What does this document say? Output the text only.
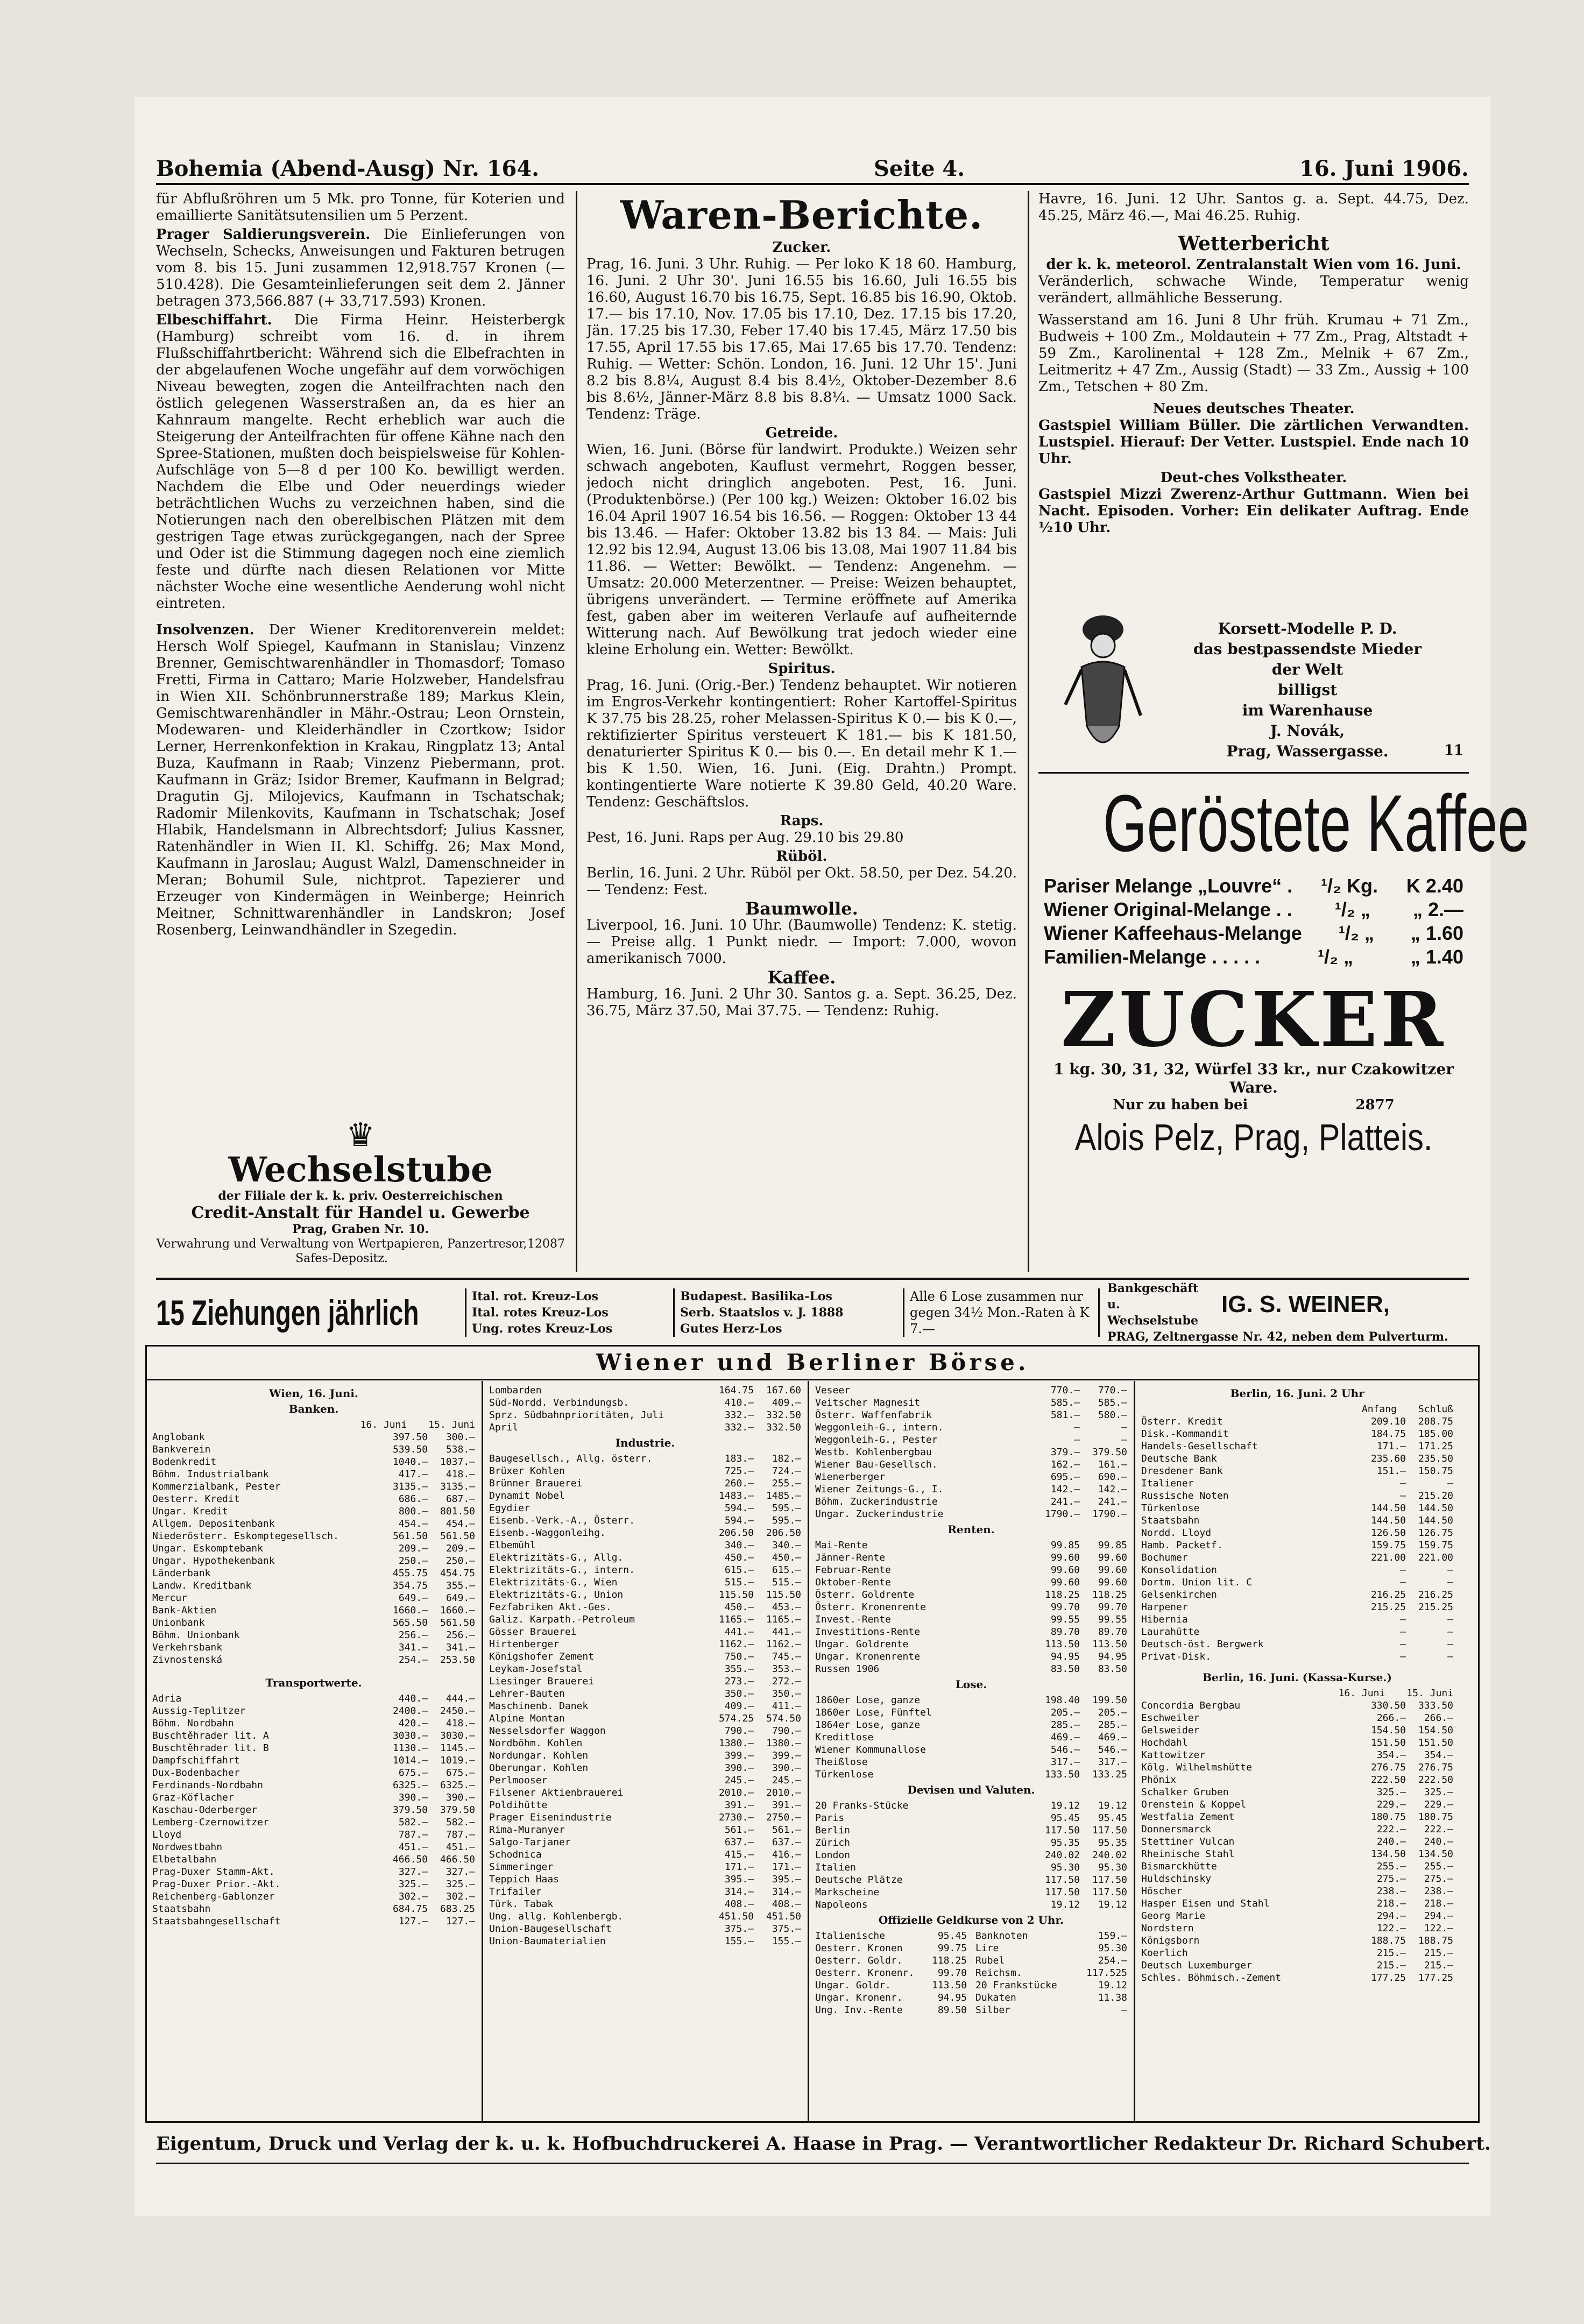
Bohemia (Abend-Ausg) Nr. 164.	Seite 4.	16. Juni 1906.

für Abflußröhren um 5 Mk. pro Tonne, für Koterien und emaillierte Sanitätsutensilien um 5 Perzent.

Prager Saldierungsverein. Die Einlieferungen von Wechseln, Schecks, Anweisungen und Fakturen betrugen vom 8. bis 15. Juni zusammen 12,918.757 Kronen (— 510.428). Die Gesamteinlieferungen seit dem 2. Jänner betragen 373,566.887 (+ 33,717.593) Kronen.

Elbeschiffahrt. Die Firma Heinr. Heisterbergk (Hamburg) schreibt vom 16. d. in ihrem Flußschiffahrtbericht: Während sich die Elbefrachten in der abgelaufenen Woche ungefähr auf dem vorwöchigen Niveau bewegten, zogen die Anteilfrachten nach den östlich gelegenen Wasserstraßen an, da es hier an Kahnraum mangelte. Recht erheblich war auch die Steigerung der Anteilfrachten für offene Kähne nach den Spree-Stationen, mußten doch beispielsweise für Kohlen-Aufschläge von 5—8 d per 100 Ko. bewilligt werden. Nachdem die Elbe und Oder neuerdings wieder beträchtlichen Wuchs zu verzeichnen haben, sind die Notierungen nach den oberelbischen Plätzen mit dem gestrigen Tage etwas zurückgegangen, nach der Spree und Oder ist die Stimmung dagegen noch eine ziemlich feste und dürfte nach diesen Relationen vor Mitte nächster Woche eine wesentliche Aenderung wohl nicht eintreten.

Insolvenzen. Der Wiener Kreditorenverein meldet: Hersch Wolf Spiegel, Kaufmann in Stanislau; Vinzenz Brenner, Gemischtwarenhändler in Thomasdorf; Tomaso Fretti, Firma in Cattaro; Marie Holzweber, Handelsfrau in Wien XII. Schönbrunnerstraße 189; Markus Klein, Gemischtwarenhändler in Mähr.-Ostrau; Leon Ornstein, Modewaren- und Kleiderhändler in Czortkow; Isidor Lerner, Herrenkonfektion in Krakau, Ringplatz 13; Antal Buza, Kaufmann in Raab; Vinzenz Piebermann, prot. Kaufmann in Gräz; Isidor Bremer, Kaufmann in Belgrad; Dragutin Gj. Milojevics, Kaufmann in Tschatschak; Radomir Milenkovits, Kaufmann in Tschatschak; Josef Hlabik, Handelsmann in Albrechtsdorf; Julius Kassner, Ratenhändler in Wien II. Kl. Schiffg. 26; Max Mond, Kaufmann in Jaroslau; August Walzl, Damenschneider in Meran; Bohumil Sule, nichtprot. Tapezierer und Erzeuger von Kindermägen in Weinberge; Heinrich Meitner, Schnittwarenhändler in Landskron; Josef Rosenberg, Leinwandhändler in Szegedin.

♛
Wechselstube
der Filiale der k. k. priv. Oesterreichischen
Credit-Anstalt für Handel u. Gewerbe
Prag, Graben Nr. 10.
Verwahrung und Verwaltung von Wertpapieren, Panzertresor, Safes-Depositz.
12087
Waren-Berichte.
Zucker.

Prag, 16. Juni. 3 Uhr. Ruhig. — Per loko K 18 60. Hamburg, 16. Juni. 2 Uhr 30'. Juni 16.55 bis 16.60, Juli 16.55 bis 16.60, August 16.70 bis 16.75, Sept. 16.85 bis 16.90, Oktob. 17.— bis 17.10, Nov. 17.05 bis 17.10, Dez. 17.15 bis 17.20, Jän. 17.25 bis 17.30, Feber 17.40 bis 17.45, März 17.50 bis 17.55, April 17.55 bis 17.65, Mai 17.65 bis 17.70. Tendenz: Ruhig. — Wetter: Schön. London, 16. Juni. 12 Uhr 15'. Juni 8.2 bis 8.8¼, August 8.4 bis 8.4½, Oktober-Dezember 8.6 bis 8.6½, Jänner-März 8.8 bis 8.8¼. — Umsatz 1000 Sack. Tendenz: Träge.

Getreide.

Wien, 16. Juni. (Börse für landwirt. Produkte.) Weizen sehr schwach angeboten, Kauflust vermehrt, Roggen besser, jedoch nicht dringlich angeboten. Pest, 16. Juni. (Produktenbörse.) (Per 100 kg.) Weizen: Oktober 16.02 bis 16.04 April 1907 16.54 bis 16.56. — Roggen: Oktober 13 44 bis 13.46. — Hafer: Oktober 13.82 bis 13 84. — Mais: Juli 12.92 bis 12.94, August 13.06 bis 13.08, Mai 1907 11.84 bis 11.86. — Wetter: Bewölkt. — Tendenz: Angenehm. — Umsatz: 20.000 Meterzentner. — Preise: Weizen behauptet, übrigens unverändert. — Termine eröffnete auf Amerika fest, gaben aber im weiteren Verlaufe auf aufheiternde Witterung nach. Auf Bewölkung trat jedoch wieder eine kleine Erholung ein. Wetter: Bewölkt.

Spiritus.

Prag, 16. Juni. (Orig.-Ber.) Tendenz behauptet. Wir notieren im Engros-Verkehr kontingentiert: Roher Kartoffel-Spiritus K 37.75 bis 28.25, roher Melassen-Spiritus K 0.— bis K 0.—, rektifizierter Spiritus versteuert K 181.— bis K 181.50, denaturierter Spiritus K 0.— bis 0.—. En detail mehr K 1.— bis K 1.50. Wien, 16. Juni. (Eig. Drahtn.) Prompt. kontingentierte Ware notierte K 39.80 Geld, 40.20 Ware. Tendenz: Geschäftslos.

Raps.

Pest, 16. Juni. Raps per Aug. 29.10 bis 29.80

Rüböl.

Berlin, 16. Juni. 2 Uhr. Rüböl per Okt. 58.50, per Dez. 54.20. — Tendenz: Fest.

Baumwolle.

Liverpool, 16. Juni. 10 Uhr. (Baumwolle) Tendenz: K. stetig. — Preise allg. 1 Punkt niedr. — Import: 7.000, wovon amerikanisch 7000.

Kaffee.

Hamburg, 16. Juni. 2 Uhr 30. Santos g. a. Sept. 36.25, Dez. 36.75, März 37.50, Mai 37.75. — Tendenz: Ruhig.

Havre, 16. Juni. 12 Uhr. Santos g. a. Sept. 44.75, Dez. 45.25, März 46.—, Mai 46.25. Ruhig.

Wetterbericht
der k. k. meteorol. Zentralanstalt Wien vom 16. Juni.

Veränderlich, schwache Winde, Temperatur wenig verändert, allmähliche Besserung.

Wasserstand am 16. Juni 8 Uhr früh. Krumau + 71 Zm., Budweis + 100 Zm., Moldautein + 77 Zm., Prag, Altstadt + 59 Zm., Karolinental + 128 Zm., Melnik + 67 Zm., Leitmeritz + 47 Zm., Aussig (Stadt) — 33 Zm., Aussig + 100 Zm., Tetschen + 80 Zm.

Neues deutsches Theater.

Gastspiel William Büller. Die zärtlichen Verwandten. Lustspiel. Hierauf: Der Vetter. Lustspiel. Ende nach 10 Uhr.

Deut-ches Volkstheater.

Gastspiel Mizzi Zwerenz-Arthur Guttmann. Wien bei Nacht. Episoden. Vorher: Ein delikater Auftrag. Ende ½10 Uhr.

Korsett-Modelle P. D.
das bestpassendste Mieder
der Welt
billigst
im Warenhause
J. Novák,
Prag, Wassergasse.	11
Geröstete Kaffee
Pariser Melange „Louvre“ . ¹/₂ Kg. K 2.40
Wiener Original-Melange . . ¹/₂ „ „ 2.—
Wiener Kaffeehaus-Melange ¹/₂ „ „ 1.60
Familien-Melange . . . . .	¹/₂ „	„ 1.40
ZUCKER
1 kg. 30, 31, 32, Würfel 33 kr., nur Czakowitzer Ware.
Nur zu haben bei	2877
Alois Pelz, Prag, Platteis.
15 Ziehungen jährlich	Ital. rot. Kreuz-Los
Ital. rotes Kreuz-Los
Ung. rotes Kreuz-Los
Budapest. Basilika-Los
Serb. Staatslos v. J. 1888
Gutes Herz-Los
Alle 6 Lose zusammen nur gegen 34½ Mon.-Raten à K 7.—
Bankgeschäft u. Wechselstube
IG. S. WEINER,
PRAG, Zeltnergasse Nr. 42, neben dem Pulverturm.
Wiener und Berliner Börse.
Wien, 16. Juni.
Banken.
16. Juni 15. Juni
Anglobank	397.50	300.—
Bankverein	539.50	538.—
Bodenkredit	1040.—	1037.—
Böhm. Industrialbank	417.—	418.—
Kommerzialbank, Pester	3135.—	3135.—
Oesterr. Kredit	686.—	687.—
Ungar. Kredit	800.—	801.50
Allgem. Depositenbank	454.—	454.—
Niederösterr. Eskomptegesellsch.	561.50	561.50
Ungar. Eskomptebank	209.—	209.—
Ungar. Hypothekenbank	250.—	250.—
Länderbank	455.75	454.75
Landw. Kreditbank	354.75	355.—
Mercur	649.—	649.—
Bank-Aktien	1660.—	1660.—
Unionbank	565.50	561.50
Böhm. Unionbank	256.—	256.—
Verkehrsbank	341.—	341.—
Zivnostenská	254.—	253.50
Transportwerte.
Adria	440.—	444.—
Aussig-Teplitzer	2400.—	2450.—
Böhm. Nordbahn	420.—	418.—
Buschtěhrader lit. A	3030.—	3030.—
Buschtěhrader lit. B	1130.—	1145.—
Dampfschiffahrt	1014.—	1019.—
Dux-Bodenbacher	675.—	675.—
Ferdinands-Nordbahn	6325.—	6325.—
Graz-Köflacher	390.—	390.—
Kaschau-Oderberger	379.50	379.50
Lemberg-Czernowitzer	582.—	582.—
Lloyd	787.—	787.—
Nordwestbahn	451.—	451.—
Elbetalbahn	466.50	466.50
Prag-Duxer Stamm-Akt.	327.—	327.—
Prag-Duxer Prior.-Akt.	325.—	325.—
Reichenberg-Gablonzer	302.—	302.—
Staatsbahn	684.75	683.25
Staatsbahngesellschaft	127.—	127.—
Lombarden	164.75	167.60
Süd-Nordd. Verbindungsb.	410.—	409.—
Sprz. Südbahnprioritäten, Juli	332.—	332.50
April	332.—	332.50
Industrie.
Baugesellsch., Allg. österr.	183.—	182.—
Brüxer Kohlen	725.—	724.—
Brünner Brauerei	260.—	255.—
Dynamit Nobel	1483.—	1485.—
Egydier	594.—	595.—
Eisenb.-Verk.-A., Österr.	594.—	595.—
Eisenb.-Waggonleihg.	206.50	206.50
Elbemühl	340.—	340.—
Elektrizitäts-G., Allg.	450.—	450.—
Elektrizitäts-G., intern.	615.—	615.—
Elektrizitäts-G., Wien	515.—	515.—
Elektrizitäts-G., Union	115.50	115.50
Fezfabriken Akt.-Ges.	450.—	453.—
Galiz. Karpath.-Petroleum	1165.—	1165.—
Gösser Brauerei	441.—	441.—
Hirtenberger	1162.—	1162.—
Königshofer Zement	750.—	745.—
Leykam-Josefstal	355.—	353.—
Liesinger Brauerei	273.—	272.—
Lehrer-Bauten	350.—	350.—
Maschinenb. Danek	409.—	411.—
Alpine Montan	574.25	574.50
Nesselsdorfer Waggon	790.—	790.—
Nordböhm. Kohlen	1380.—	1380.—
Nordungar. Kohlen	399.—	399.—
Oberungar. Kohlen	390.—	390.—
Perlmooser	245.—	245.—
Filsener Aktienbrauerei	2010.—	2010.—
Poldihütte	391.—	391.—
Prager Eisenindustrie	2730.—	2750.—
Rima-Muranyer	561.—	561.—
Salgo-Tarjaner	637.—	637.—
Schodnica	415.—	416.—
Simmeringer	171.—	171.—
Teppich Haas	395.—	395.—
Trifailer	314.—	314.—
Türk. Tabak	408.—	408.—
Ung. allg. Kohlenbergb.	451.50	451.50
Union-Baugesellschaft	375.—	375.—
Union-Baumaterialien	155.—	155.—
Veseer	770.—	770.—
Veitscher Magnesit	585.—	585.—
Österr. Waffenfabrik	581.—	580.—
Weggonleih-G., intern.	—	—
Weggonleih-G., Pester	—	—
Westb. Kohlenbergbau	379.—	379.50
Wiener Bau-Gesellsch.	162.—	161.—
Wienerberger	695.—	690.—
Wiener Zeitungs-G., I.	142.—	142.—
Böhm. Zuckerindustrie	241.—	241.—
Ungar. Zuckerindustrie	1790.—	1790.—
Renten.
Mai-Rente	99.85	99.85
Jänner-Rente	99.60	99.60
Februar-Rente	99.60	99.60
Oktober-Rente	99.60	99.60
Österr. Goldrente	118.25	118.25
Österr. Kronenrente	99.70	99.70
Invest.-Rente	99.55	99.55
Investitions-Rente	89.70	89.70
Ungar. Goldrente	113.50	113.50
Ungar. Kronenrente	94.95	94.95
Russen 1906	83.50	83.50
Lose.
1860er Lose, ganze	198.40	199.50
1860er Lose, Fünftel	205.—	205.—
1864er Lose, ganze	285.—	285.—
Kreditlose	469.—	469.—
Wiener Kommunallose	546.—	546.—
Theißlose	317.—	317.—
Türkenlose	133.50	133.25
Devisen und Valuten.
20 Franks-Stücke	19.12	19.12
Paris	95.45	95.45
Berlin	117.50	117.50
Zürich	95.35	95.35
London	240.02	240.02
Italien	95.30	95.30
Deutsche Plätze	117.50	117.50
Markscheine	117.50	117.50
Napoleons	19.12	19.12
Offizielle Geldkurse von 2 Uhr.
Italienische	95.45 Banknoten	159.—
Oesterr. Kronen	99.75 Lire	95.30
Oesterr. Goldr.	118.25 Rubel	254.—
Oesterr. Kronenr.	99.70 Reichsm.	117.525
Ungar. Goldr.	113.50 20 Frankstücke	19.12
Ungar. Kronenr.	94.95 Dukaten	11.38
Ung. Inv.-Rente	89.50 Silber	—
Berlin, 16. Juni. 2 Uhr
Anfang Schluß
Österr. Kredit	209.10	208.75
Disk.-Kommandit	184.75	185.00
Handels-Gesellschaft	171.—	171.25
Deutsche Bank	235.60	235.50
Dresdener Bank	151.—	150.75
Italiener	—	—
Russische Noten	—	215.20
Türkenlose	144.50	144.50
Staatsbahn	144.50	144.50
Nordd. Lloyd	126.50	126.75
Hamb. Packetf.	159.75	159.75
Bochumer	221.00	221.00
Konsolidation	—	—
Dortm. Union lit. C	—	—
Gelsenkirchen	216.25	216.25
Harpener	215.25	215.25
Hibernia	—	—
Laurahütte	—	—
Deutsch-öst. Bergwerk	—	—
Privat-Disk.	—	—
Berlin, 16. Juni. (Kassa-Kurse.)
16. Juni 15. Juni
Concordia Bergbau	330.50	333.50
Eschweiler	266.—	266.—
Gelsweider	154.50	154.50
Hochdahl	151.50	151.50
Kattowitzer	354.—	354.—
Kölg. Wilhelmshütte	276.75	276.75
Phönix	222.50	222.50
Schalker Gruben	325.—	325.—
Orenstein & Koppel	229.—	229.—
Westfalia Zement	180.75	180.75
Donnersmarck	222.—	222.—
Stettiner Vulcan	240.—	240.—
Rheinische Stahl	134.50	134.50
Bismarckhütte	255.—	255.—
Huldschinsky	275.—	275.—
Höscher	238.—	238.—
Hasper Eisen und Stahl	218.—	218.—
Georg Marie	294.—	294.—
Nordstern	122.—	122.—
Königsborn	188.75	188.75
Koerlich	215.—	215.—
Deutsch Luxemburger	215.—	215.—
Schles. Böhmisch.-Zement	177.25	177.25
Eigentum, Druck und Verlag der k. u. k. Hofbuchdruckerei A. Haase in Prag. — Verantwortlicher Redakteur Dr. Richard Schubert.
